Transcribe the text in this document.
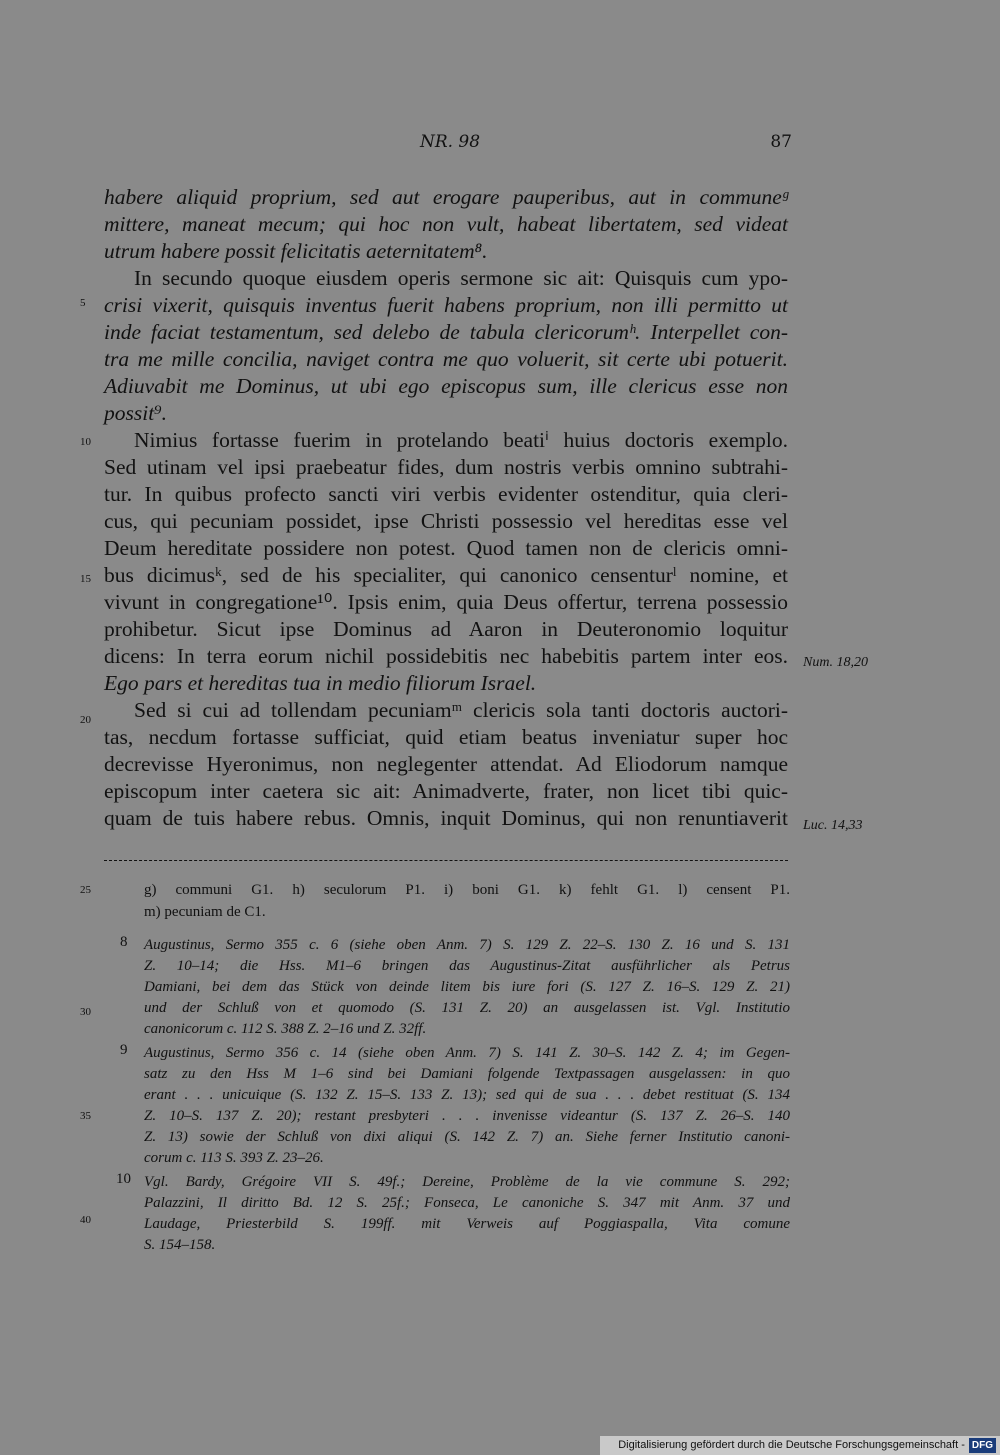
NR. 98	87
habere aliquid proprium, sed aut erogare pauperibus, aut in communeᵍ
mittere, maneat mecum; qui hoc non vult, habeat libertatem, sed videat
utrum habere possit felicitatis aeternitatem⁸.
In secundo quoque eiusdem operis sermone sic ait: Quisquis cum ypo-
crisi vixerit, quisquis inventus fuerit habens proprium, non illi permitto ut
inde faciat testamentum, sed delebo de tabula clericorumʰ. Interpellet con-
tra me mille concilia, naviget contra me quo voluerit, sit certe ubi potuerit.
Adiuvabit me Dominus, ut ubi ego episcopus sum, ille clericus esse non
possit⁹.
Nimius fortasse fuerim in protelando beatiⁱ huius doctoris exemplo.
Sed utinam vel ipsi praebeatur fides, dum nostris verbis omnino subtrahi-
tur. In quibus profecto sancti viri verbis evidenter ostenditur, quia cleri-
cus, qui pecuniam possidet, ipse Christi possessio vel hereditas esse vel
Deum hereditate possidere non potest. Quod tamen non de clericis omni-
bus dicimusᵏ, sed de his specialiter, qui canonico censenturˡ nomine, et
vivunt in congregatione¹⁰. Ipsis enim, quia Deus offertur, terrena possessio
prohibetur. Sicut ipse Dominus ad Aaron in Deuteronomio loquitur
dicens: In terra eorum nichil possidebitis nec habebitis partem inter eos.
Ego pars et hereditas tua in medio filiorum Israel.
Sed si cui ad tollendam pecuniamᵐ clericis sola tanti doctoris auctori-
tas, necdum fortasse sufficiat, quid etiam beatus inveniatur super hoc
decrevisse Hyeronimus, non neglegenter attendat. Ad Eliodorum namque
episcopum inter caetera sic ait: Animadverte, frater, non licet tibi quic-
quam de tuis habere rebus. Omnis, inquit Dominus, qui non renuntiaverit
5
10
15
20
25
30
35
40
Num. 18,20
Luc. 14,33
g) communi G1. h) seculorum P1. i) boni G1. k) fehlt G1. l) censent P1.
m) pecuniam de C1.
8 Augustinus, Sermo 355 c. 6 (siehe oben Anm. 7) S. 129 Z. 22–S. 130 Z. 16 und S. 131
Z. 10–14; die Hss. M1–6 bringen das Augustinus-Zitat ausführlicher als Petrus
Damiani, bei dem das Stück von deinde litem bis iure fori (S. 127 Z. 16–S. 129 Z. 21)
und der Schluß von et quomodo (S. 131 Z. 20) an ausgelassen ist. Vgl. Institutio
canonicorum c. 112 S. 388 Z. 2–16 und Z. 32ff.
9 Augustinus, Sermo 356 c. 14 (siehe oben Anm. 7) S. 141 Z. 30–S. 142 Z. 4; im Gegen-
satz zu den Hss M 1–6 sind bei Damiani folgende Textpassagen ausgelassen: in quo
erant . . . unicuique (S. 132 Z. 15–S. 133 Z. 13); sed qui de sua . . . debet restituat (S. 134
Z. 10–S. 137 Z. 20); restant presbyteri . . . invenisse videantur (S. 137 Z. 26–S. 140
Z. 13) sowie der Schluß von dixi aliqui (S. 142 Z. 7) an. Siehe ferner Institutio canoni-
corum c. 113 S. 393 Z. 23–26.
10 Vgl. Bardy, Grégoire VII S. 49f.; Dereine, Problème de la vie commune S. 292;
Palazzini, Il diritto Bd. 12 S. 25f.; Fonseca, Le canoniche S. 347 mit Anm. 37 und
Laudage, Priesterbild S. 199ff. mit Verweis auf Poggiaspalla, Vita comune
S. 154–158.
Digitalisierung gefördert durch die Deutsche Forschungsgemeinschaft - DFG
